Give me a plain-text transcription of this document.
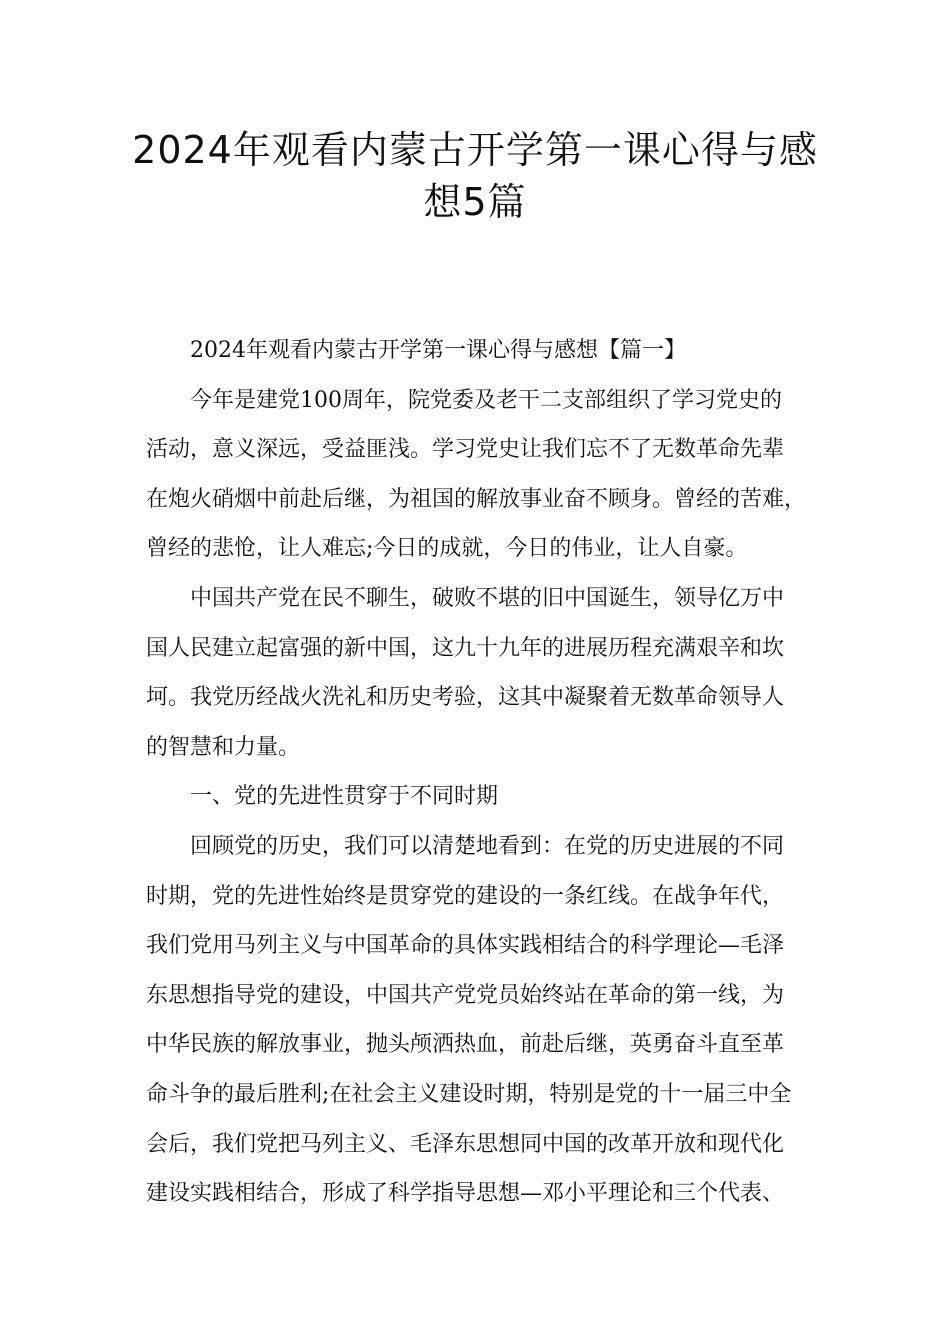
2024年观看内蒙古开学第一课心得与感
想5篇

2024年观看内蒙古开学第一课心得与感想【篇一】

今年是建党100周年，院党委及老干二支部组织了学习党史的
活动，意义深远，受益匪浅。学习党史让我们忘不了无数革命先辈
在炮火硝烟中前赴后继，为祖国的解放事业奋不顾身。曾经的苦难，
曾经的悲怆，让人难忘;今日的成就，今日的伟业，让人自豪。

中国共产党在民不聊生，破败不堪的旧中国诞生，领导亿万中
国人民建立起富强的新中国，这九十九年的进展历程充满艰辛和坎
坷。我党历经战火洗礼和历史考验，这其中凝聚着无数革命领导人
的智慧和力量。

一、党的先进性贯穿于不同时期

回顾党的历史，我们可以清楚地看到：在党的历史进展的不同
时期，党的先进性始终是贯穿党的建设的一条红线。在战争年代，
我们党用马列主义与中国革命的具体实践相结合的科学理论—毛泽
东思想指导党的建设，中国共产党党员始终站在革命的第一线，为
中华民族的解放事业，抛头颅洒热血，前赴后继，英勇奋斗直至革
命斗争的最后胜利;在社会主义建设时期，特别是党的十一届三中全
会后，我们党把马列主义、毛泽东思想同中国的改革开放和现代化
建设实践相结合，形成了科学指导思想—邓小平理论和三个代表、
